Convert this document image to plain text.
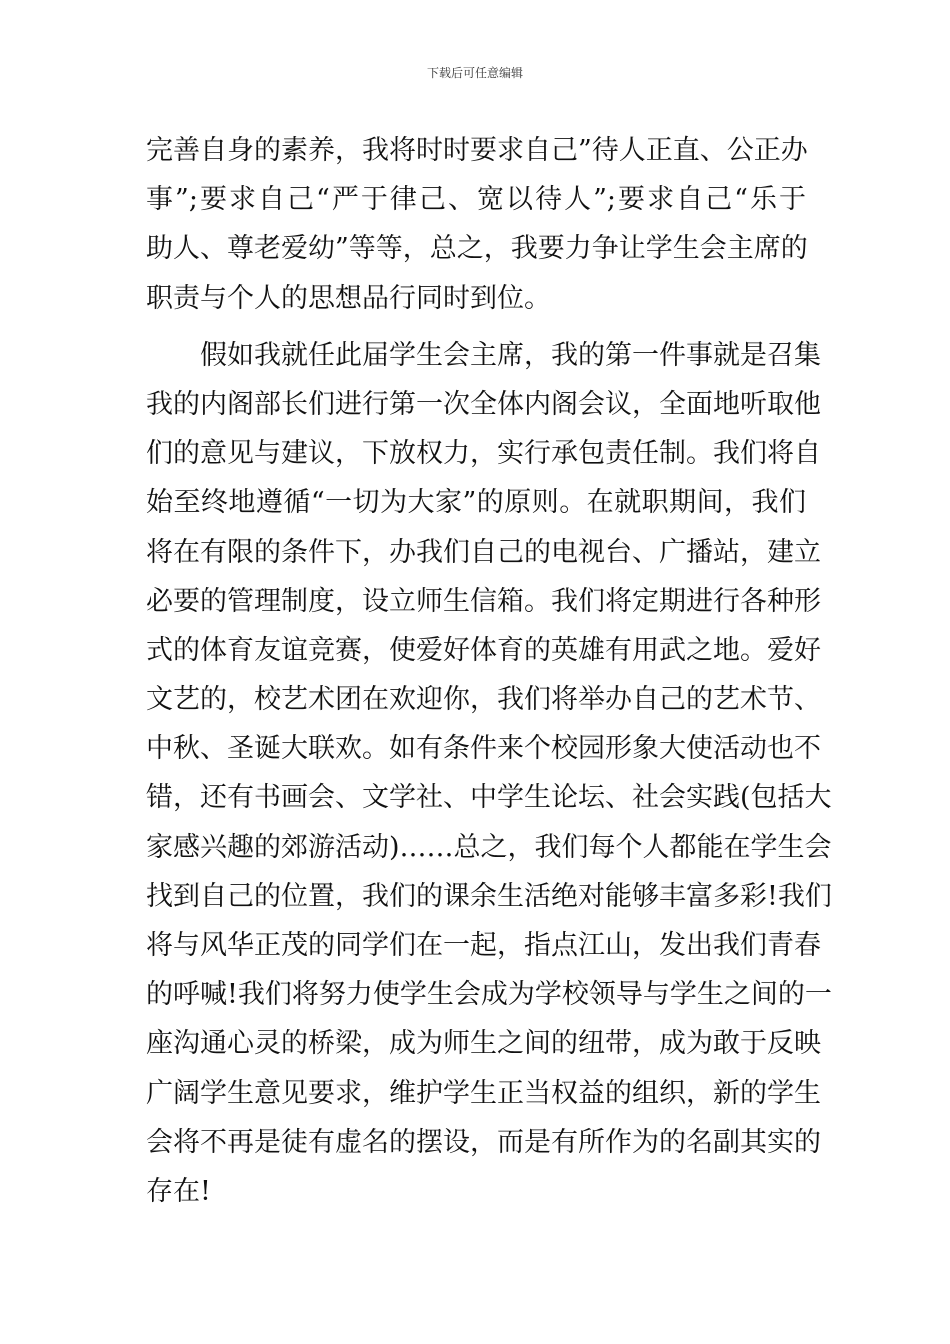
下载后可任意编辑
完善自身的素养，我将时时要求自己”待人正直、公正办
事”;要求自己“严于律己、宽以待人”;要求自己“乐于
助人、尊老爱幼”等等，总之，我要力争让学生会主席的
职责与个人的思想品行同时到位。
　　假如我就任此届学生会主席，我的第一件事就是召集
我的内阁部长们进行第一次全体内阁会议，全面地听取他
们的意见与建议，下放权力，实行承包责任制。我们将自
始至终地遵循“一切为大家”的原则。在就职期间，我们
将在有限的条件下，办我们自己的电视台、广播站，建立
必要的管理制度，设立师生信箱。我们将定期进行各种形
式的体育友谊竞赛，使爱好体育的英雄有用武之地。爱好
文艺的，校艺术团在欢迎你，我们将举办自己的艺术节、
中秋、圣诞大联欢。如有条件来个校园形象大使活动也不
错，还有书画会、文学社、中学生论坛、社会实践(包括大
家感兴趣的郊游活动)……总之，我们每个人都能在学生会
找到自己的位置，我们的课余生活绝对能够丰富多彩!我们
将与风华正茂的同学们在一起，指点江山，发出我们青春
的呼喊!我们将努力使学生会成为学校领导与学生之间的一
座沟通心灵的桥梁，成为师生之间的纽带，成为敢于反映
广阔学生意见要求，维护学生正当权益的组织，新的学生
会将不再是徒有虚名的摆设，而是有所作为的名副其实的
存在!
